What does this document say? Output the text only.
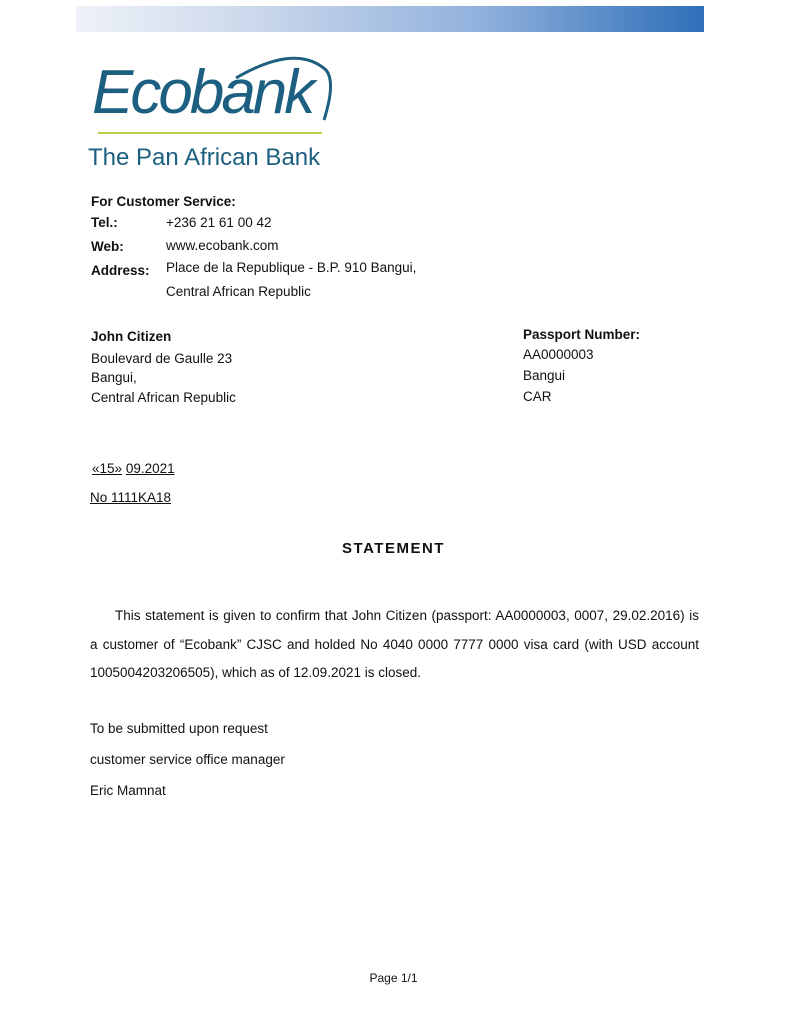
Ecobank
The Pan African Bank
For Customer Service:
Tel.:	+236 21 61 00 42
Web:	www.ecobank.com
Address: Place de la Republique - B.P. 910 Bangui,
Central African Republic
John Citizen
Boulevard de Gaulle 23
Bangui,
Central African Republic
Passport Number:
AA0000003
Bangui
CAR
«15» 09.2021
No 1111KA18
STATEMENT
This statement is given to confirm that John Citizen (passport: AA0000003, 0007, 29.02.2016) is a customer of “Ecobank” CJSC and holded No 4040 0000 7777 0000 visa card (with USD account 1005004203206505), which as of 12.09.2021 is closed.
To be submitted upon request
customer service office manager
Eric Mamnat
Page 1/1
